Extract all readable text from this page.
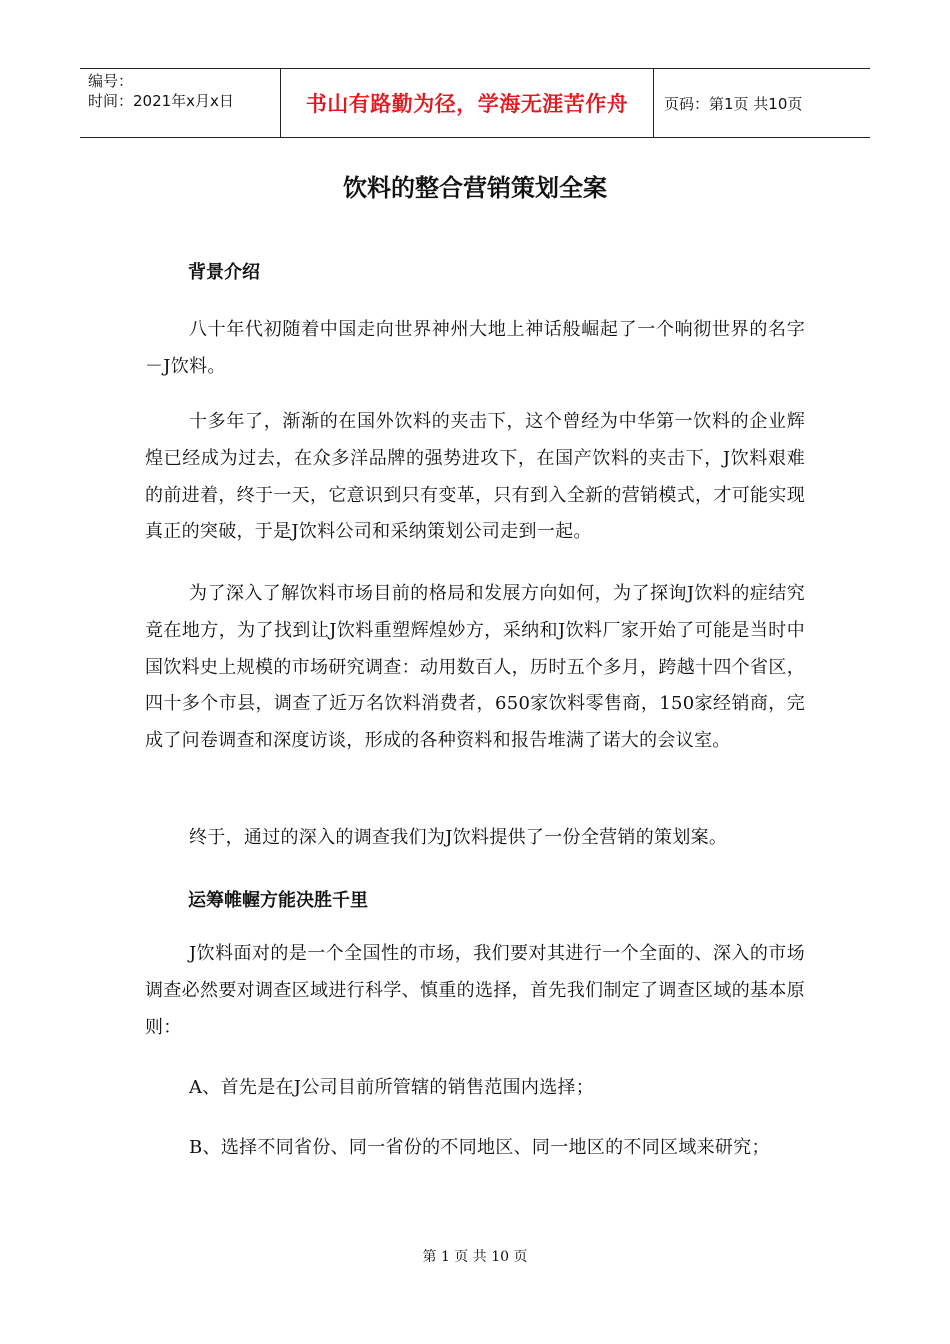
编号：
时间：2021年x月x日	书山有路勤为径，学海无涯苦作舟	页码：第1页 共10页
饮料的整合营销策划全案
背景介绍
八十年代初随着中国走向世界神州大地上神话般崛起了一个响彻世界的名字－J饮料。
十多年了，渐渐的在国外饮料的夹击下，这个曾经为中华第一饮料的企业辉煌已经成为过去，在众多洋品牌的强势进攻下，在国产饮料的夹击下，J饮料艰难的前进着，终于一天，它意识到只有变革，只有到入全新的营销模式，才可能实现真正的突破，于是J饮料公司和采纳策划公司走到一起。
为了深入了解饮料市场目前的格局和发展方向如何，为了探询J饮料的症结究竟在地方，为了找到让J饮料重塑辉煌妙方，采纳和J饮料厂家开始了可能是当时中国饮料史上规模的市场研究调查：动用数百人，历时五个多月，跨越十四个省区，四十多个市县，调查了近万名饮料消费者，650家饮料零售商，150家经销商，完成了问卷调查和深度访谈，形成的各种资料和报告堆满了诺大的会议室。
终于，通过的深入的调查我们为J饮料提供了一份全营销的策划案。
运筹帷幄方能决胜千里
J饮料面对的是一个全国性的市场，我们要对其进行一个全面的、深入的市场调查必然要对调查区域进行科学、慎重的选择，首先我们制定了调查区域的基本原则：
A、首先是在J公司目前所管辖的销售范围内选择；
B、选择不同省份、同一省份的不同地区、同一地区的不同区域来研究；
第 1 页 共 10 页
